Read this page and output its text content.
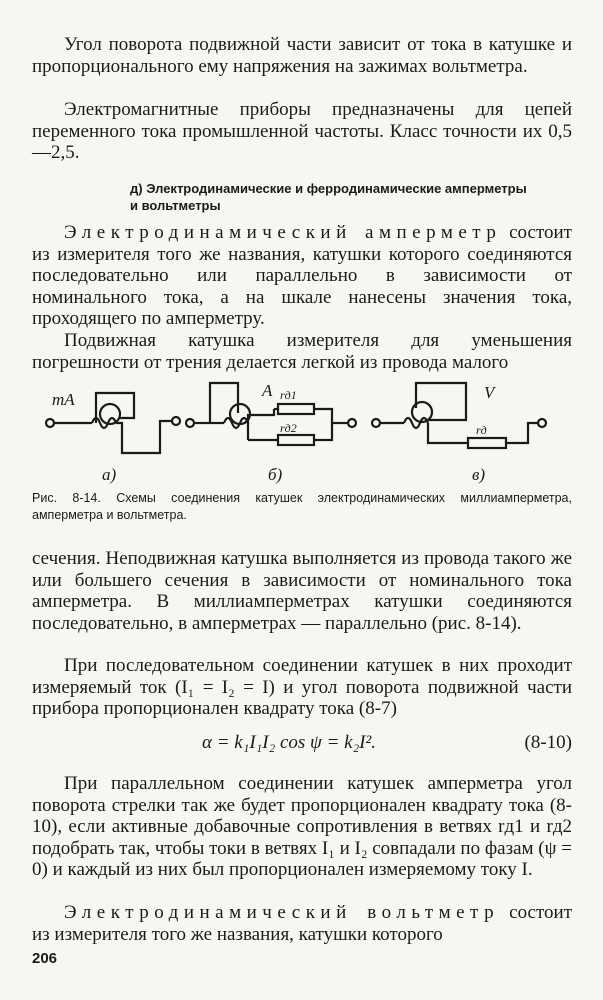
Угол поворота подвижной части зависит от тока в катушке и пропорционального ему напряжения на зажимах вольтметра.

Электромагнитные приборы предназначены для цепей переменного тока промышленной частоты. Класс точности их 0,5—2,5.

д) Электродинамические и ферродинамические амперметры и вольтметры

Электродинамический амперметр состоит из измерителя того же названия, катушки которого соединяются последовательно или параллельно в зависимости от номинального тока, а на шкале нанесены значения тока, проходящего по амперметру.

Подвижная катушка измерителя для уменьшения погрешности от трения делается легкой из провода малого

mA
а)
A rд1
rд2
б)
V
rд
в)

Рис. 8-14. Схемы соединения катушек электродинамических миллиамперметра, амперметра и вольтметра.

сечения. Неподвижная катушка выполняется из провода такого же или большего сечения в зависимости от номинального тока амперметра. В миллиамперметрах катушки соединяются последовательно, в амперметрах — параллельно (рис. 8-14).

При последовательном соединении катушек в них проходит измеряемый ток (I₁ = I₂ = I) и угол поворота подвижной части прибора пропорционален квадрату тока (8-7)

α = k₁I₁I₂ cos ψ = k₂I².	(8-10)

При параллельном соединении катушек амперметра угол поворота стрелки так же будет пропорционален квадрату тока (8-10), если активные добавочные сопротивления в ветвях rд1 и rд2 подобрать так, чтобы токи в ветвях I₁ и I₂ совпадали по фазам (ψ = 0) и каждый из них был пропорционален измеряемому току I.

Электродинамический вольтметр состоит из измерителя того же названия, катушки которого

206
